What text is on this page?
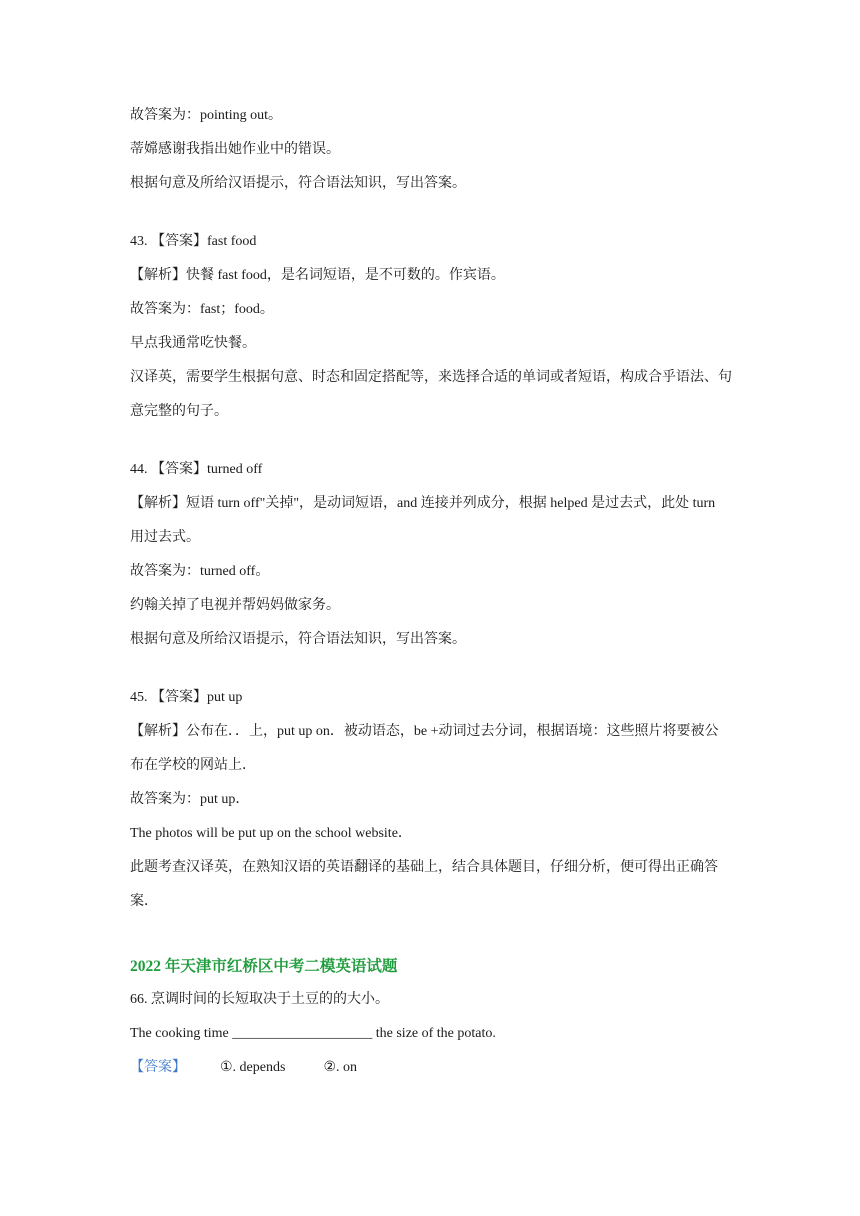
故答案为：pointing out。

蒂嫦感谢我指出她作业中的错误。

根据句意及所给汉语提示，符合语法知识，写出答案。

43. 【答案】fast food

【解析】快餐 fast food，是名词短语，是不可数的。作宾语。

故答案为：fast；food。

早点我通常吃快餐。

汉译英，需要学生根据句意、时态和固定搭配等，来选择合适的单词或者短语，构成合乎语法、句意完整的句子。

44. 【答案】turned off

【解析】短语 turn off"关掉"，是动词短语，and 连接并列成分，根据 helped 是过去式，此处 turn 用过去式。

故答案为：turned off。

约翰关掉了电视并帮妈妈做家务。

根据句意及所给汉语提示，符合语法知识，写出答案。

45. 【答案】put up

【解析】公布在．．上，put up on．被动语态，be +动词过去分词，根据语境：这些照片将要被公布在学校的网站上．

故答案为：put up．

The photos will be put up on the school website．

此题考查汉译英，在熟知汉语的英语翻译的基础上，结合具体题目，仔细分析，便可得出正确答案．

2022 年天津市红桥区中考二模英语试题

66. 烹调时间的长短取决于土豆的的大小。

The cooking time ____________________ the size of the potato.

【答案】	①. depends	②. on
